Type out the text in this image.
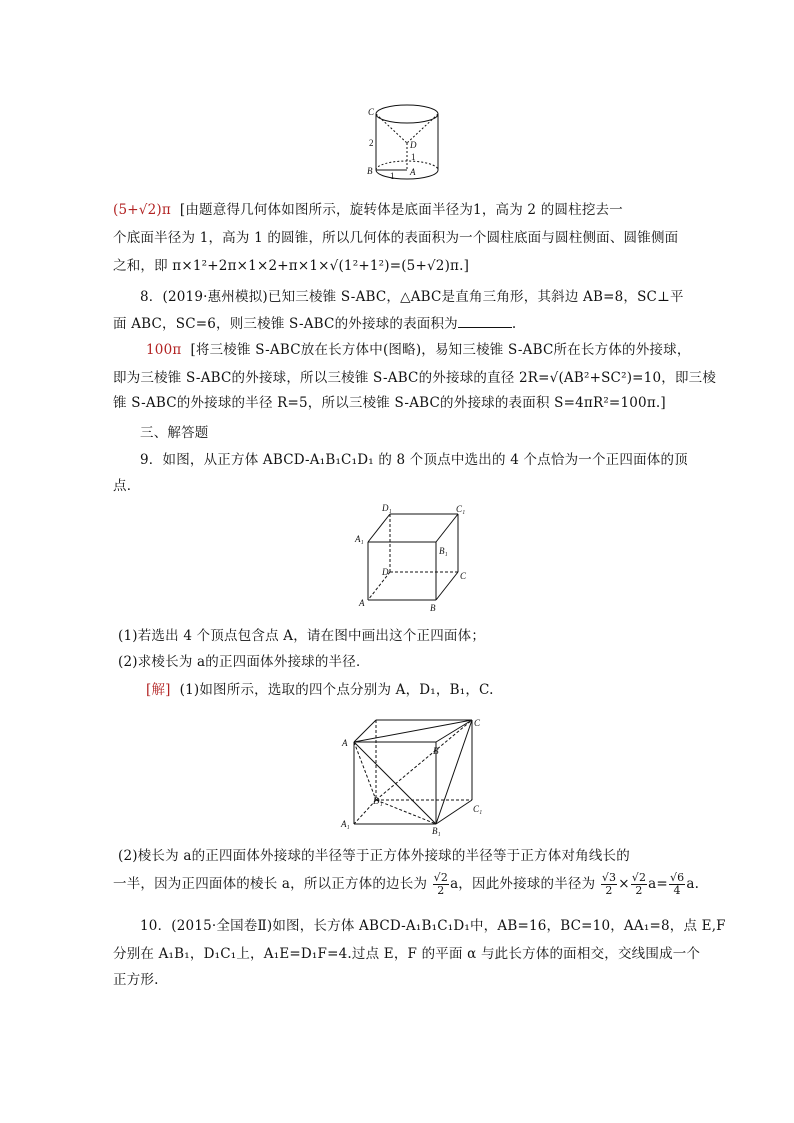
C
2	D
1
B 1 A
(5+√2)π [由题意得几何体如图所示，旋转体是底面半径为1，高为 2 的圆柱挖去一
个底面半径为 1，高为 1 的圆锥，所以几何体的表面积为一个圆柱底面与圆柱侧面、圆锥侧面
之和，即 π×1²+2π×1×2+π×1×√(1²+1²)=(5+√2)π.]
8．(2019·惠州模拟)已知三棱锥 S-ABC，△ABC是直角三角形，其斜边 AB=8，SC⊥平
面 ABC，SC=6，则三棱锥 S-ABC的外接球的表面积为	.
100π [将三棱锥 S-ABC放在长方体中(图略)，易知三棱锥 S-ABC所在长方体的外接球，
即为三棱锥 S-ABC的外接球，所以三棱锥 S-ABC的外接球的直径 2R=√(AB²+SC²)=10，即三棱
锥 S-ABC的外接球的半径 R=5，所以三棱锥 S-ABC的外接球的表面积 S=4πR²=100π.]
三、解答题
9．如图，从正方体 ABCD-A₁B₁C₁D₁ 的 8 个顶点中选出的 4 个点恰为一个正四面体的顶
点．
D₁	C₁
A₁
B₁
D	C
A	B
(1)若选出 4 个顶点包含点 A，请在图中画出这个正四面体；
(2)求棱长为 a的正四面体外接球的半径．
[解] (1)如图所示，选取的四个点分别为 A，D₁，B₁，C.
A
C
B
D₁
C₁
A₁
B₁
(2)棱长为 a的正四面体外接球的半径等于正方体外接球的半径等于正方体对角线长的
一半，因为正四面体的棱长 a，所以正方体的边长为 $\frac{√2}{2}$ a，因此外接球的半径为 $\frac{√3}{2} \times \frac{√2}{2} a= \frac{√6}{4} a$.
10．(2015·全国卷Ⅱ)如图，长方体 ABCD-A₁B₁C₁D₁中，AB=16，BC=10，AA₁=8，点 E,F
分别在 A₁B₁，D₁C₁上，A₁E=D₁F=4.过点 E，F 的平面 α 与此长方体的面相交，交线围成一个
正方形.
